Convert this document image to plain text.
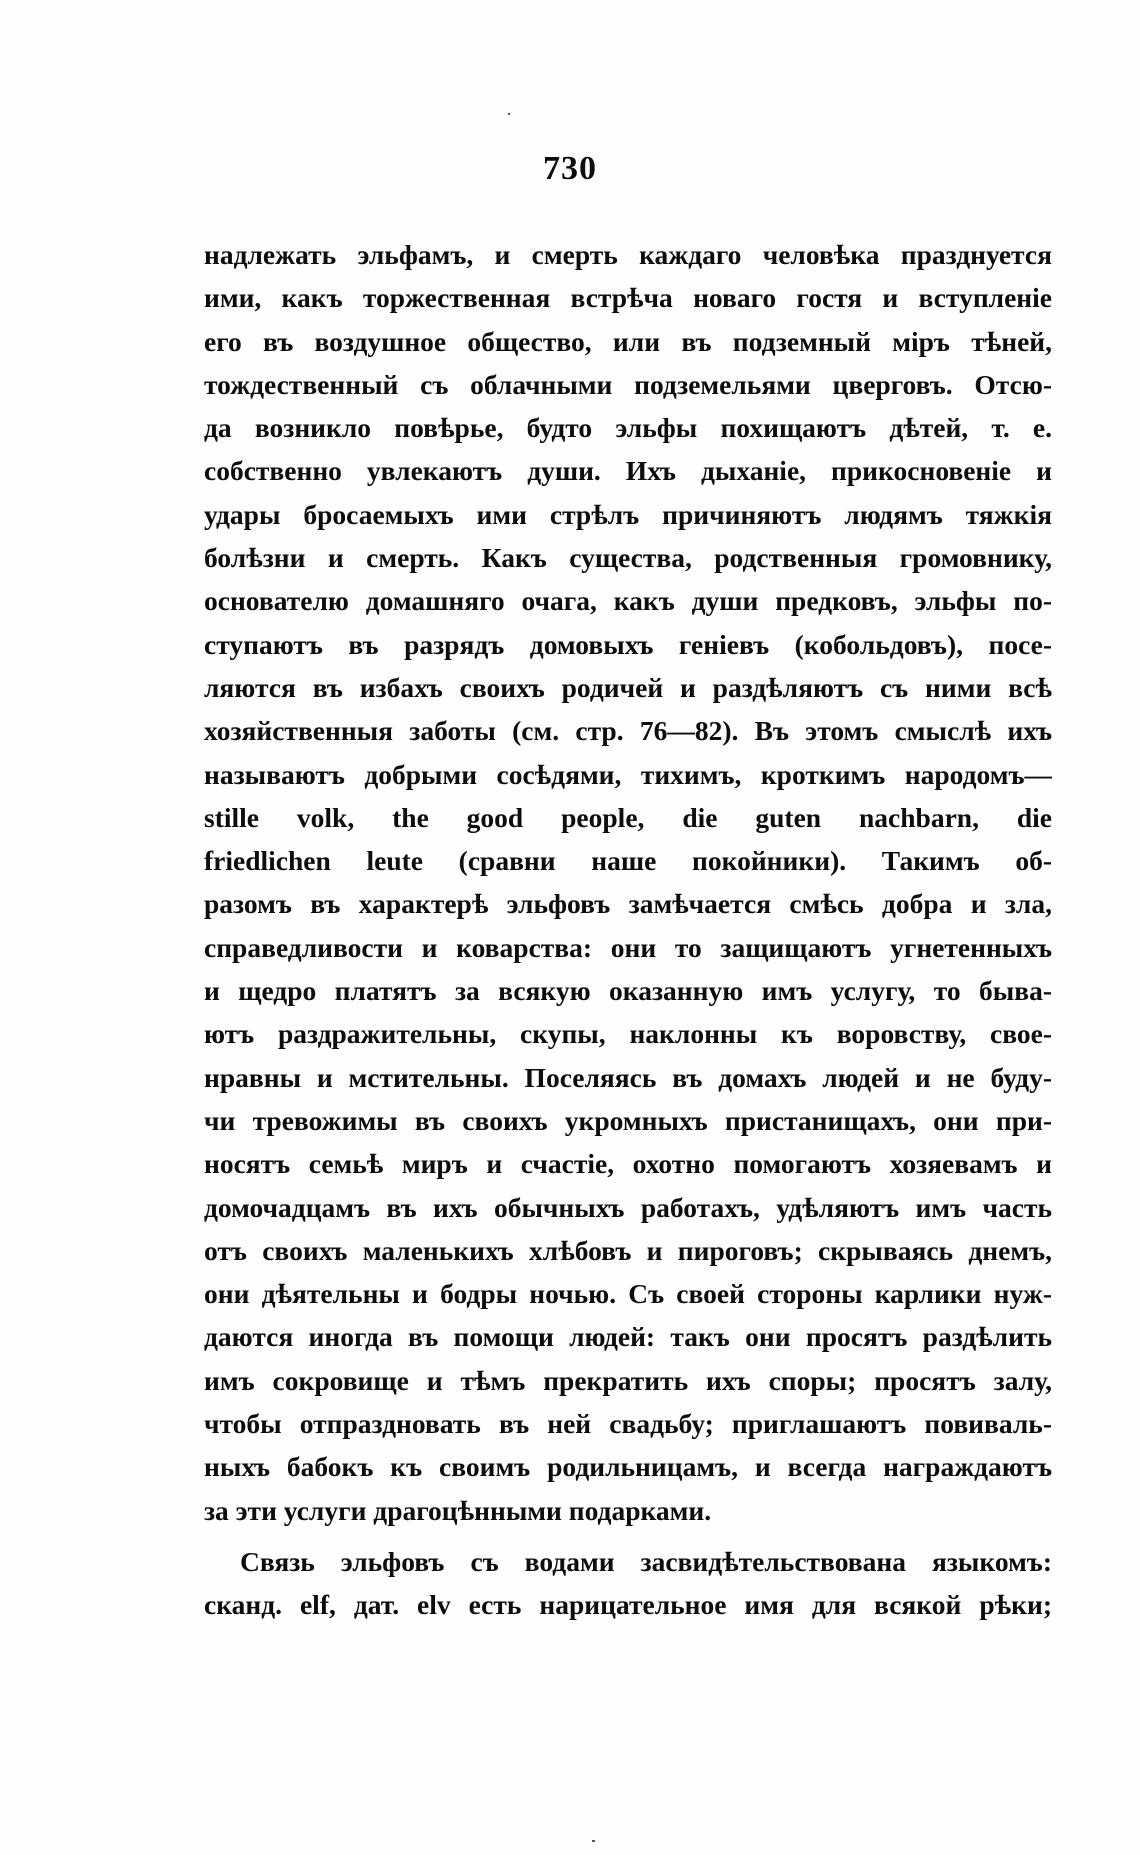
730
надлежать эльфамъ, и смерть каждаго человѣка празднуется
ими, какъ торжественная встрѣча новаго гостя и вступленіе
его въ воздушное общество, или въ подземный міръ тѣней,
тождественный съ облачными подземельями цверговъ. Отсю-
да возникло повѣрье, будто эльфы похищаютъ дѣтей, т. е.
собственно увлекаютъ души. Ихъ дыханіе, прикосновеніе и
удары бросаемыхъ ими стрѣлъ причиняютъ людямъ тяжкія
болѣзни и смерть. Какъ существа, родственныя громовнику,
основателю домашняго очага, какъ души предковъ, эльфы по-
ступаютъ въ разрядъ домовыхъ геніевъ (кобольдовъ), посе-
ляются въ избахъ своихъ родичей и раздѣляютъ съ ними всѣ
хозяйственныя заботы (см. стр. 76—82). Въ этомъ смыслѣ ихъ
называютъ добрыми сосѣдями, тихимъ, кроткимъ народомъ—
stille volk, the good people, die guten nachbarn, die
friedlichen leute (сравни наше покойники). Такимъ об-
разомъ въ характерѣ эльфовъ замѣчается смѣсь добра и зла,
справедливости и коварства: они то защищаютъ угнетенныхъ
и щедро платятъ за всякую оказанную имъ услугу, то быва-
ютъ раздражительны, скупы, наклонны къ воровству, свое-
нравны и мстительны. Поселяясь въ домахъ людей и не буду-
чи тревожимы въ своихъ укромныхъ пристанищахъ, они при-
носятъ семьѣ миръ и счастіе, охотно помогаютъ хозяевамъ и
домочадцамъ въ ихъ обычныхъ работахъ, удѣляютъ имъ часть
отъ своихъ маленькихъ хлѣбовъ и пироговъ; скрываясь днемъ,
они дѣятельны и бодры ночью. Съ своей стороны карлики нуж-
даются иногда въ помощи людей: такъ они просятъ раздѣлить
имъ сокровище и тѣмъ прекратить ихъ споры; просятъ залу,
чтобы отпраздновать въ ней свадьбу; приглашаютъ повиваль-
ныхъ бабокъ къ своимъ родильницамъ, и всегда награждаютъ
за эти услуги драгоцѣнными подарками.
Связь эльфовъ съ водами засвидѣтельствована языкомъ:
сканд. elf, дат. elv есть нарицательное имя для всякой рѣки;
